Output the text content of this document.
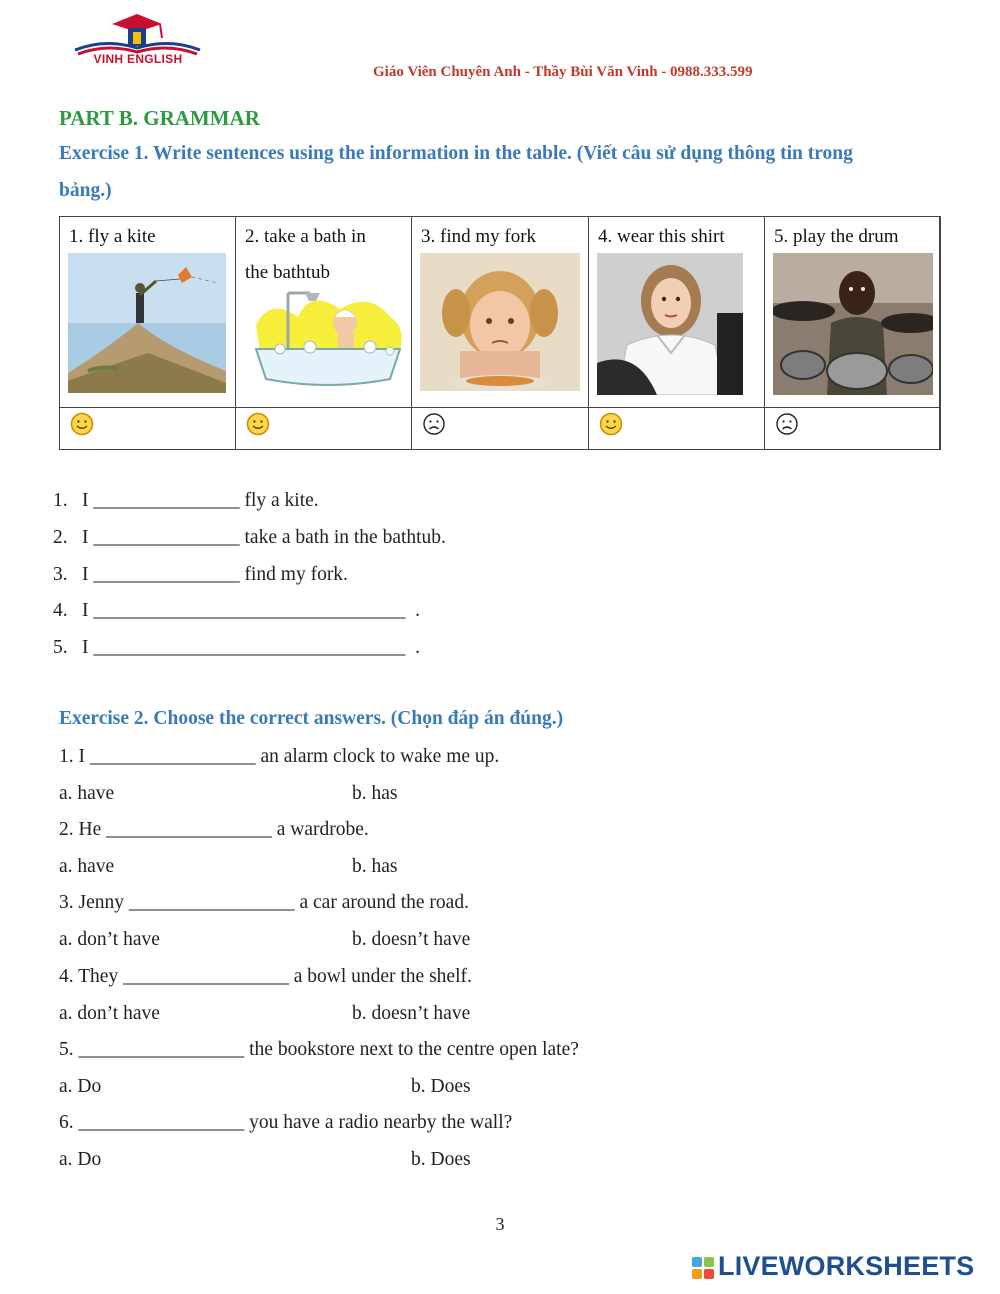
VINH ENGLISH
Giáo Viên Chuyên Anh - Thầy Bùi Văn Vinh - 0988.333.599
PART B. GRAMMAR
Exercise 1. Write sentences using the information in the table. (Viết câu sử dụng thông tin trong
bảng.)
1. fly a kite	2. take a bath in
the bathtub
3. find my fork	4. wear this shirt	5. play the drum
1. I _______________ fly a kite.
2. I _______________ take a bath in the bathtub.
3. I _______________ find my fork.
4. I ________________________________  .
5. I ________________________________  .
Exercise 2. Choose the correct answers. (Chọn đáp án đúng.)
1. I _________________ an alarm clock to wake me up.
a. have	b. has
2. He _________________ a wardrobe.
a. have	b. has
3. Jenny _________________ a car around the road.
a. don’t have	b. doesn’t have
4. They _________________ a bowl under the shelf.
a. don’t have	b. doesn’t have
5. _________________ the bookstore next to the centre open late?
a. Do	b. Does
6. _________________ you have a radio nearby the wall?
a. Do	b. Does
3
LIVEWORKSHEETS
